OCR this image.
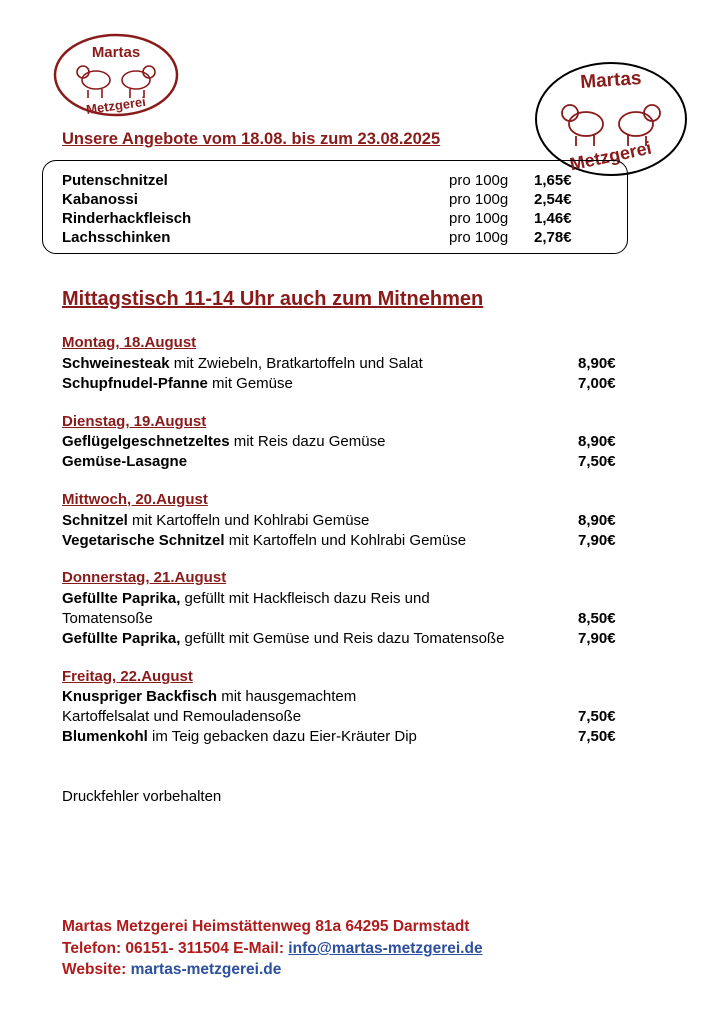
Martas
Metzgerei
Martas
Metzgerei
Unsere Angebote vom 18.08. bis zum 23.08.2025
Putenschnitzel	pro 100g 1,65€
Kabanossi	pro 100g 2,54€
Rinderhackfleisch	pro 100g 1,46€
Lachsschinken	pro 100g 2,78€
Mittagstisch 11-14 Uhr auch zum Mitnehmen
Montag, 18.August
Schweinesteak mit Zwiebeln, Bratkartoffeln und Salat	8,90€
Schupfnudel-Pfanne mit Gemüse	7,00€
Dienstag, 19.August
Geflügelgeschnetzeltes mit Reis dazu Gemüse	8,90€
Gemüse-Lasagne	7,50€
Mittwoch, 20.August
Schnitzel mit Kartoffeln und Kohlrabi Gemüse	8,90€
Vegetarische Schnitzel mit Kartoffeln und Kohlrabi Gemüse	7,90€
Donnerstag, 21.August
Gefüllte Paprika, gefüllt mit Hackfleisch dazu Reis und
Tomatensoße	8,50€
Gefüllte Paprika, gefüllt mit Gemüse und Reis dazu Tomatensoße	7,90€
Freitag, 22.August
Knuspriger Backfisch mit hausgemachtem
Kartoffelsalat und Remouladensoße	7,50€
Blumenkohl im Teig gebacken dazu Eier-Kräuter Dip	7,50€
Druckfehler vorbehalten
Martas Metzgerei Heimstättenweg 81a 64295 Darmstadt
Telefon: 06151- 311504 E-Mail: info@martas-metzgerei.de
Website: martas-metzgerei.de
